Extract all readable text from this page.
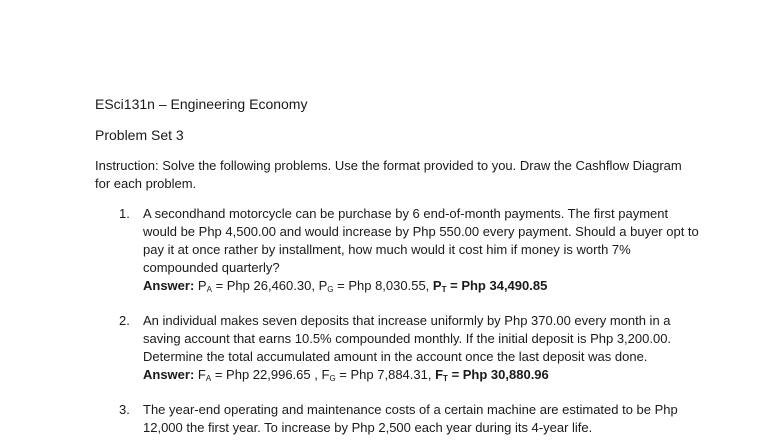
ESci131n – Engineering Economy
Problem Set 3
Instruction: Solve the following problems. Use the format provided to you. Draw the Cashflow Diagram for each problem.
1. A secondhand motorcycle can be purchase by 6 end-of-month payments. The first payment would be Php 4,500.00 and would increase by Php 550.00 every payment. Should a buyer opt to pay it at once rather by installment, how much would it cost him if money is worth 7% compounded quarterly?
Answer: $P_A$ = Php 26,460.30, $P_G$ = Php 8,030.55, $P_T$ = Php 34,490.85
2. An individual makes seven deposits that increase uniformly by Php 370.00 every month in a saving account that earns 10.5% compounded monthly. If the initial deposit is Php 3,200.00. Determine the total accumulated amount in the account once the last deposit was done.
Answer: $F_A$ = Php 22,996.65 , $F_G$ = Php 7,884.31, $F_T$ = Php 30,880.96
3. The year-end operating and maintenance costs of a certain machine are estimated to be Php 12,000 the first year. To increase by Php 2,500 each year during its 4-year life.
